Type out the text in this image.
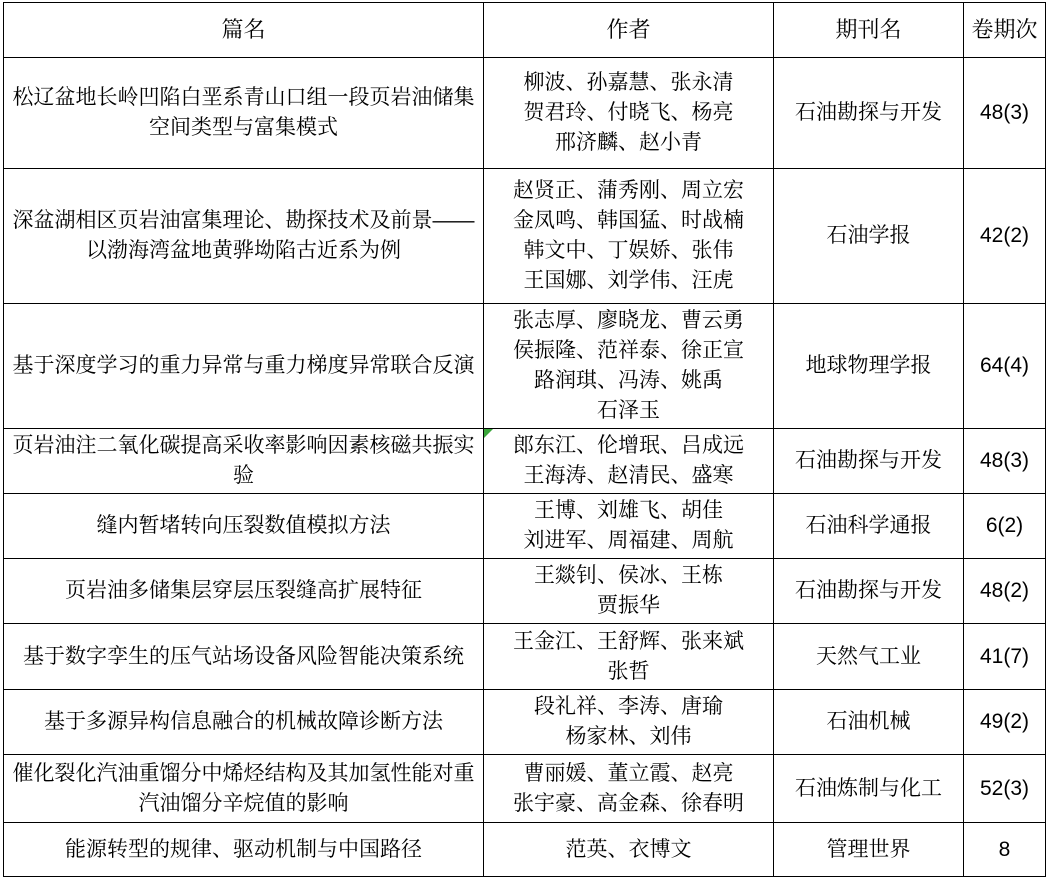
篇名	作者	期刊名	卷期次
松辽盆地长岭凹陷白垩系青山口组一段页岩油储集空间类型与富集模式	柳波、孙嘉慧、张永清
贺君玲、付晓飞、杨亮
邢济麟、赵小青	石油勘探与开发	48(3)
深盆湖相区页岩油富集理论、勘探技术及前景——以渤海湾盆地黄骅坳陷古近系为例	赵贤正、蒲秀刚、周立宏
金凤鸣、韩国猛、时战楠
韩文中、丁娱娇、张伟
王国娜、刘学伟、汪虎	石油学报	42(2)
基于深度学习的重力异常与重力梯度异常联合反演	张志厚、廖晓龙、曹云勇
侯振隆、范祥泰、徐正宣
路润琪、冯涛、姚禹
石泽玉	地球物理学报	64(4)
页岩油注二氧化碳提高采收率影响因素核磁共振实验	郎东江、伦增珉、吕成远
王海涛、赵清民、盛寒	石油勘探与开发	48(3)
缝内暂堵转向压裂数值模拟方法	王博、刘雄飞、胡佳
刘进军、周福建、周航	石油科学通报	6(2)
页岩油多储集层穿层压裂缝高扩展特征	王燚钊、侯冰、王栋
贾振华	石油勘探与开发	48(2)
基于数字孪生的压气站场设备风险智能决策系统	王金江、王舒辉、张来斌
张哲	天然气工业	41(7)
基于多源异构信息融合的机械故障诊断方法	段礼祥、李涛、唐瑜
杨家林、刘伟	石油机械	49(2)
催化裂化汽油重馏分中烯烃结构及其加氢性能对重汽油馏分辛烷值的影响	曹丽媛、董立霞、赵亮
张宇豪、高金森、徐春明	石油炼制与化工	52(3)
能源转型的规律、驱动机制与中国路径	范英、衣博文	管理世界	8
